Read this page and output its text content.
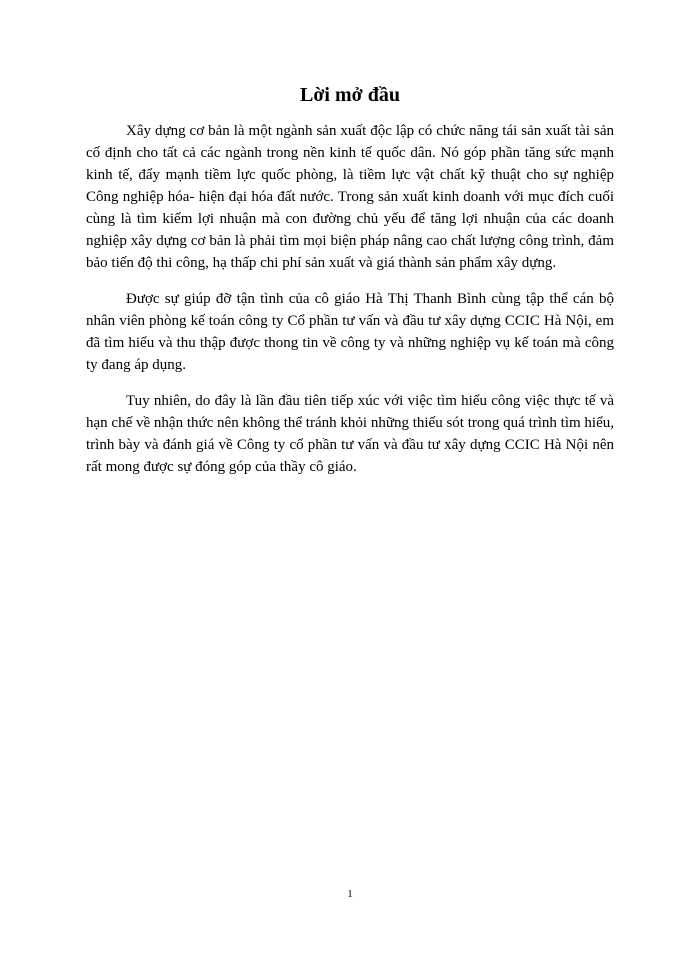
Lời mở đầu

Xây dựng cơ bản là một ngành sản xuất độc lập có chức năng tái sản xuất tài sản cố định cho tất cả các ngành trong nền kinh tế quốc dân. Nó góp phần tăng sức mạnh kinh tế, đẩy mạnh tiềm lực quốc phòng, là tiềm lực vật chất kỹ thuật cho sự nghiệp Công nghiệp hóa- hiện đại hóa đất nước. Trong sản xuất kinh doanh với mục đích cuối cùng là tìm kiếm lợi nhuận mà con đường chủ yếu để tăng lợi nhuận của các doanh nghiệp xây dựng cơ bản là phải tìm mọi biện pháp nâng cao chất lượng công trình, đảm bảo tiến độ thi công, hạ thấp chi phí sản xuất và giá thành sản phẩm xây dựng.

Được sự giúp đỡ tận tình của cô giáo Hà Thị Thanh Bình cùng tập thể cán bộ nhân viên phòng kế toán công ty Cổ phần tư vấn và đầu tư xây dựng CCIC Hà Nội, em đã tìm hiểu và thu thập được thong tin về công ty và những nghiệp vụ kế toán mà công ty đang áp dụng.

Tuy nhiên, do đây là lần đầu tiên tiếp xúc với việc tìm hiểu công việc thực tế và hạn chế về nhận thức nên không thể tránh khỏi những thiếu sót trong quá trình tìm hiểu, trình bày và đánh giá về Công ty cổ phần tư vấn và đầu tư xây dựng CCIC Hà Nội nên rất mong được sự đóng góp của thầy cô giáo.

1
